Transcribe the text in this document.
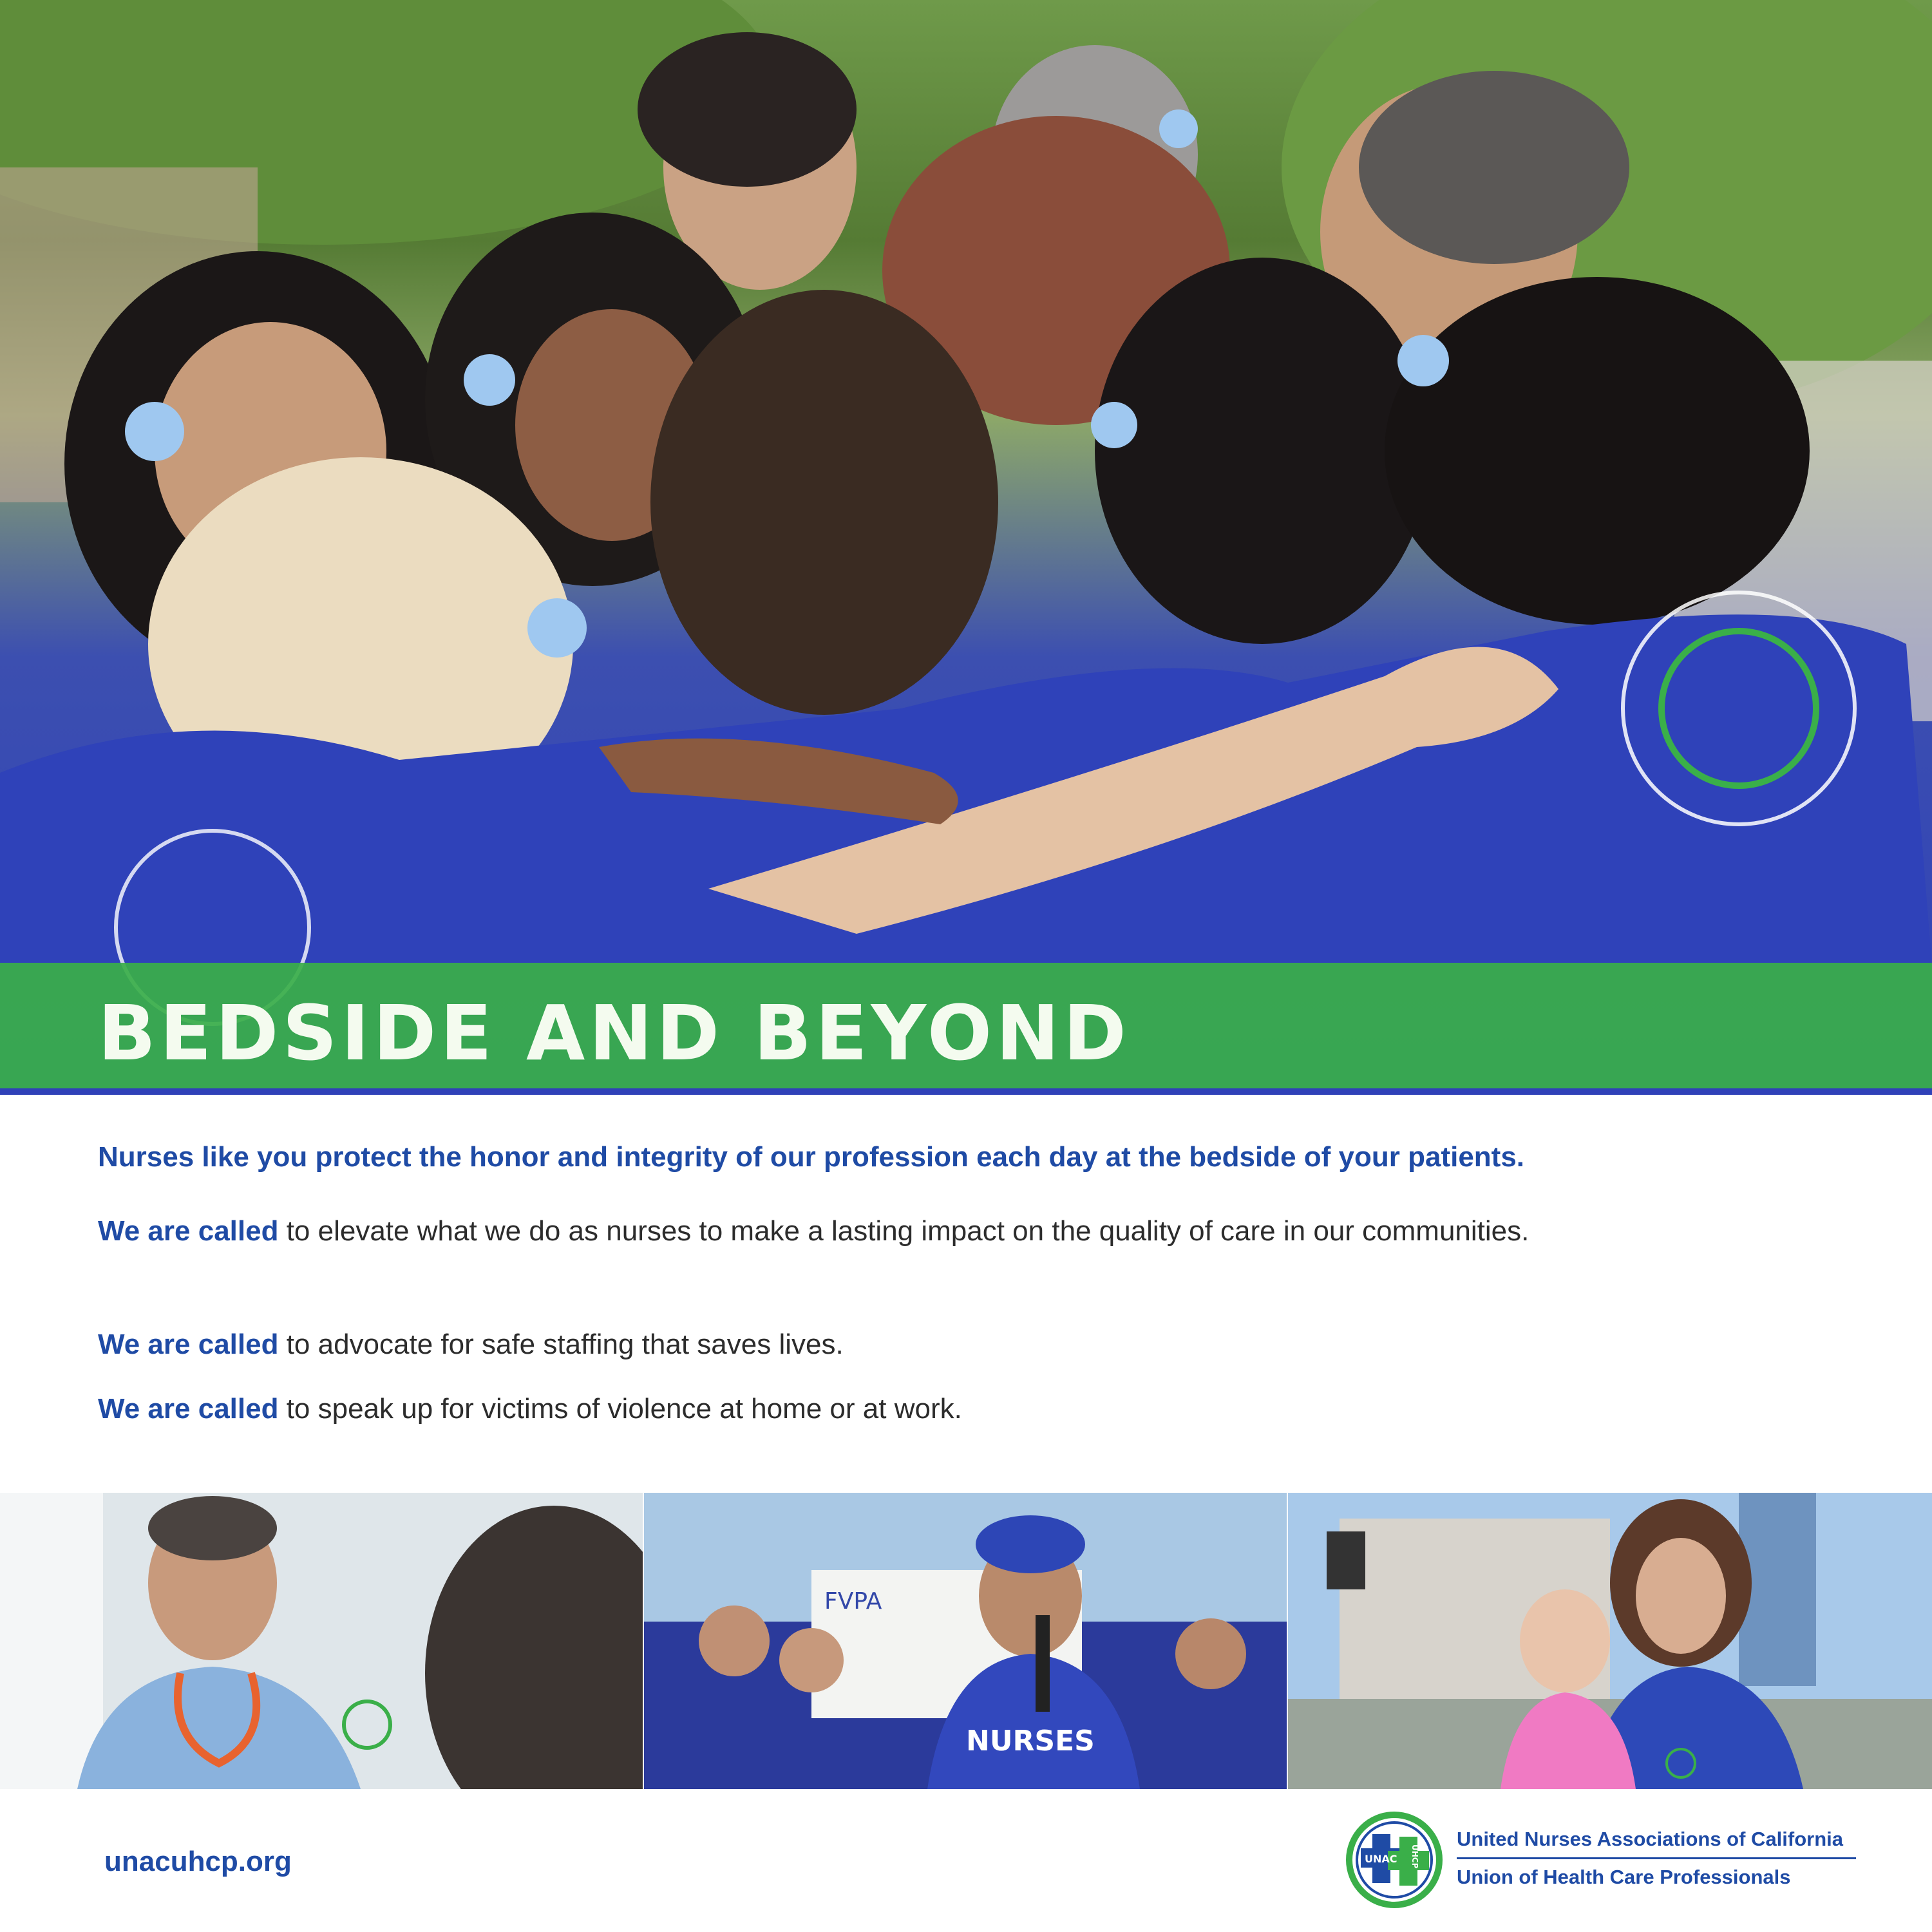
BEDSIDE AND BEYOND
Nurses like you protect the honor and integrity of our profession each day at the bedside of your patients.
We are called to elevate what we do as nurses to make a lasting impact on the quality of care in our communities.
We are called to advocate for safe staffing that saves lives.
We are called to speak up for victims of violence at home or at work.
FVPA
NURSES
unacuhcp.org	UNAC UHCP
United Nurses Associations of California
Union of Health Care Professionals
